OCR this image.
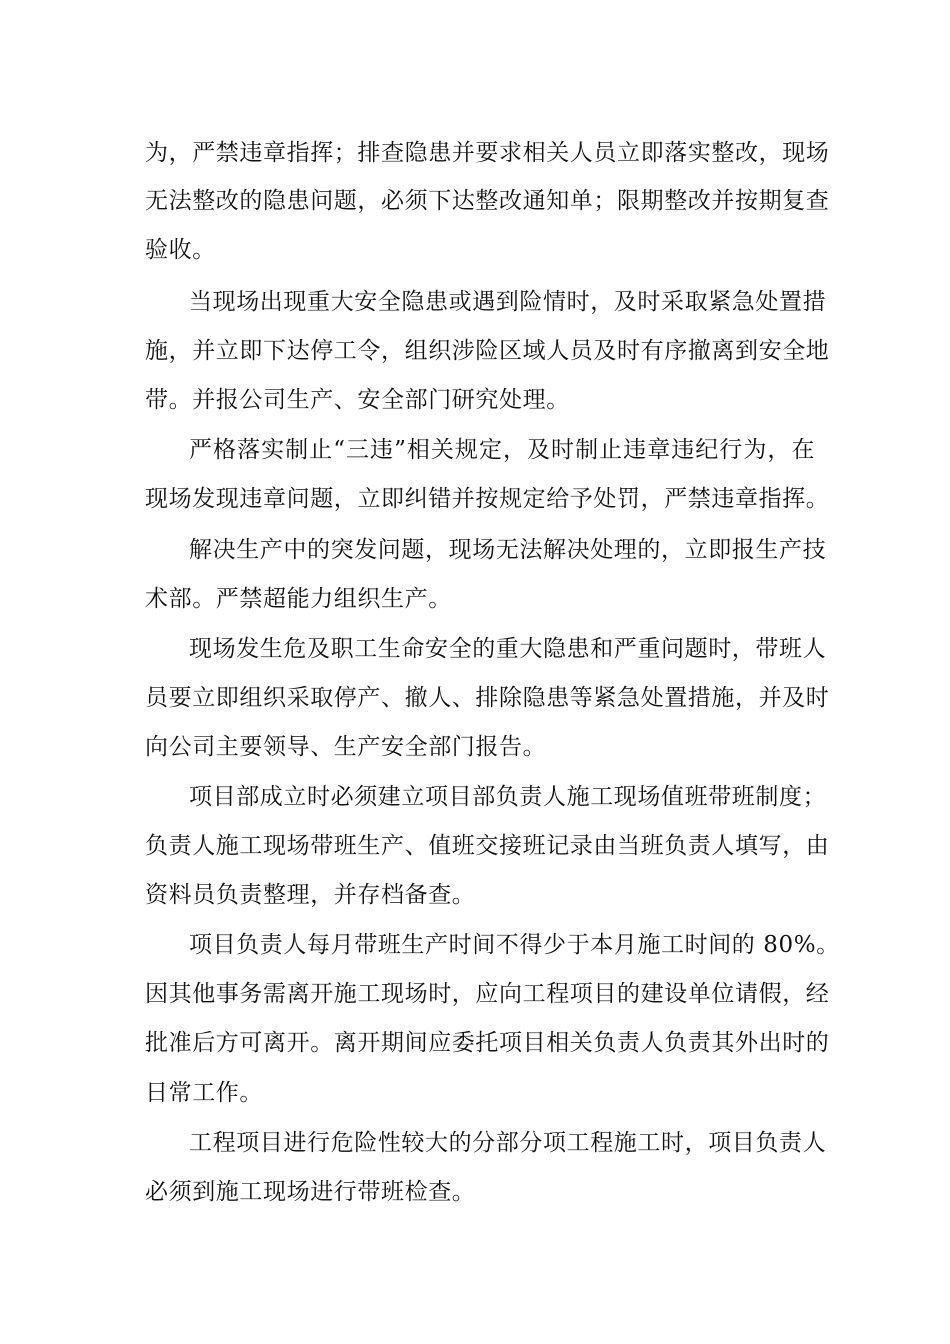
为，严禁违章指挥；排查隐患并要求相关人员立即落实整改，现场
无法整改的隐患问题，必须下达整改通知单；限期整改并按期复查
验收。
当现场出现重大安全隐患或遇到险情时，及时采取紧急处置措
施，并立即下达停工令，组织涉险区域人员及时有序撤离到安全地
带。并报公司生产、安全部门研究处理。
严格落实制止“三违”相关规定，及时制止违章违纪行为，在
现场发现违章问题，立即纠错并按规定给予处罚，严禁违章指挥。
解决生产中的突发问题，现场无法解决处理的，立即报生产技
术部。严禁超能力组织生产。
现场发生危及职工生命安全的重大隐患和严重问题时，带班人
员要立即组织采取停产、撤人、排除隐患等紧急处置措施，并及时
向公司主要领导、生产安全部门报告。
项目部成立时必须建立项目部负责人施工现场值班带班制度；
负责人施工现场带班生产、值班交接班记录由当班负责人填写，由
资料员负责整理，并存档备查。
项目负责人每月带班生产时间不得少于本月施工时间的 80%。
因其他事务需离开施工现场时，应向工程项目的建设单位请假，经
批准后方可离开。离开期间应委托项目相关负责人负责其外出时的
日常工作。
工程项目进行危险性较大的分部分项工程施工时，项目负责人
必须到施工现场进行带班检查。
